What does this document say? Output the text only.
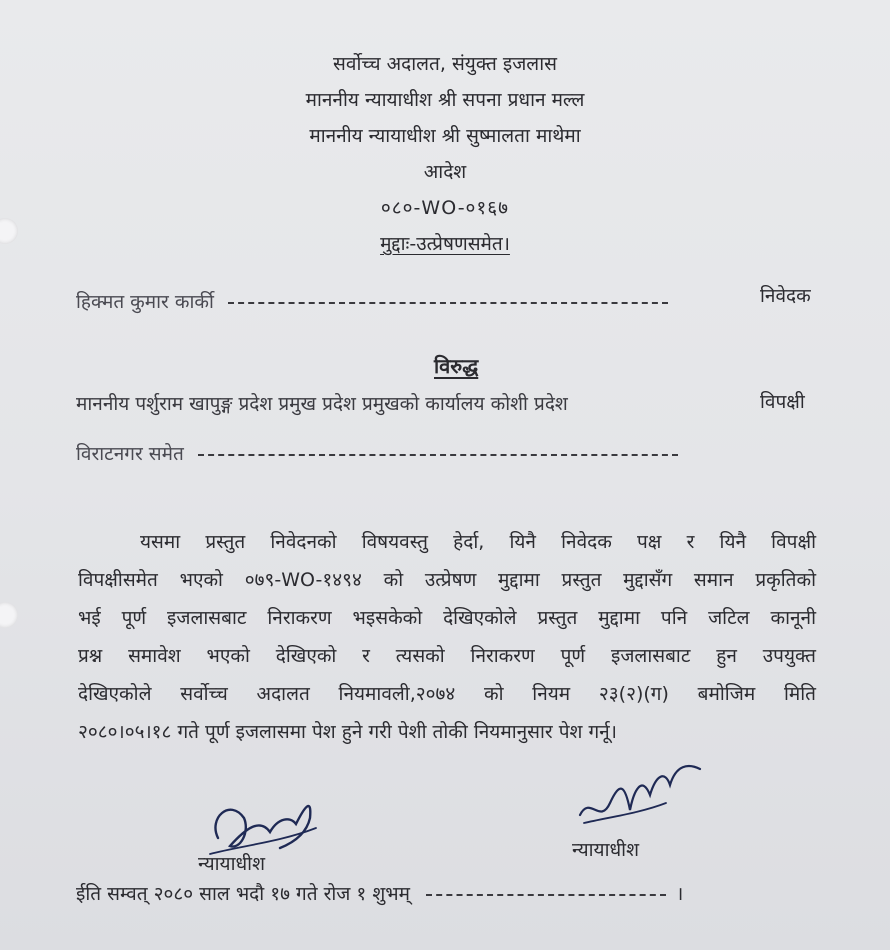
सर्वोच्च अदालत, संयुक्त इजलास
माननीय न्यायाधीश श्री सपना प्रधान मल्ल
माननीय न्यायाधीश श्री सुष्मालता माथेमा
आदेश
०८०-WO-०१६७
मुद्दाः-उत्प्रेषणसमेत।
हिक्मत कुमार कार्की	निवेदक
विरुद्ध
माननीय पर्शुराम खापुङ्ग प्रदेश प्रमुख प्रदेश प्रमुखको कार्यालय कोशी प्रदेश	विपक्षी
विराटनगर समेत
यसमा प्रस्तुत निवेदनको विषयवस्तु हेर्दा, यिनै निवेदक पक्ष र यिनै विपक्षी
विपक्षीसमेत भएको ०७९-WO-१४९४ को उत्प्रेषण मुद्दामा प्रस्तुत मुद्दासँग समान प्रकृतिको
भई पूर्ण इजलासबाट निराकरण भइसकेको देखिएकोले प्रस्तुत मुद्दामा पनि जटिल कानूनी
प्रश्न समावेश भएको देखिएको र त्यसको निराकरण पूर्ण इजलासबाट हुन उपयुक्त
देखिएकोले सर्वोच्च अदालत नियमावली,२०७४ को नियम २३(२)(ग) बमोजिम मिति
२०८०।०५।१८ गते पूर्ण इजलासमा पेश हुने गरी पेशी तोकी नियमानुसार पेश गर्नू।
न्यायाधीश
न्यायाधीश
ईति सम्वत् २०८० साल भदौ १७ गते रोज १ शुभम्	।
